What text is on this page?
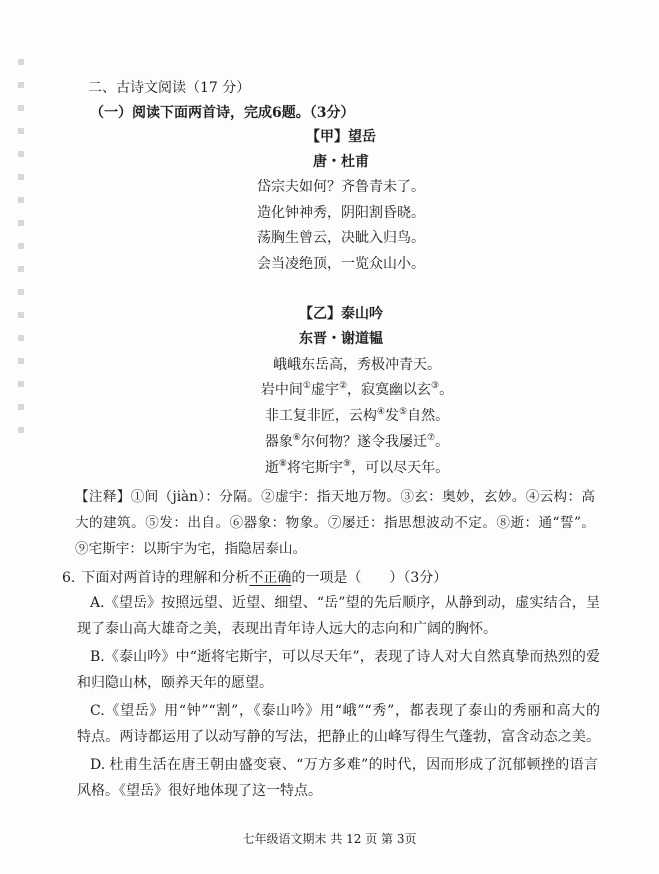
二、古诗文阅读（17 分）
（一）阅读下面两首诗，完成6题。（3分）
【甲】望岳
唐・杜甫
岱宗夫如何？齐鲁青未了。
造化钟神秀，阴阳割昏晓。
荡胸生曾云，决眦入归鸟。
会当凌绝顶，一览众山小。
【乙】泰山吟
东晋・谢道韫
峨峨东岳高，秀极冲青天。
岩中间①虚宇②，寂寞幽以玄③。
非工复非匠，云构④发⑤自然。
器象⑥尔何物？遂令我屡迁⑦。
逝⑧将宅斯宇⑨，可以尽天年。
【注释】①间（jiàn）：分隔。②虚宇：指天地万物。③玄：奥妙，玄妙。④云构：高
大的建筑。⑤发：出自。⑥器象：物象。⑦屡迁：指思想波动不定。⑧逝：通“誓”。
⑨宅斯宇：以斯宇为宅，指隐居泰山。
6. 下面对两首诗的理解和分析不正确的一项是（　　）（3分）
A.《望岳》按照远望、近望、细望、“岳”望的先后顺序，从静到动，虚实结合，呈
现了泰山高大雄奇之美，表现出青年诗人远大的志向和广阔的胸怀。
B.《泰山吟》中“逝将宅斯宇，可以尽天年”，表现了诗人对大自然真挚而热烈的爱
和归隐山林，颐养天年的愿望。
C.《望岳》用“钟”“割”，《泰山吟》用“峨”“秀”，都表现了泰山的秀丽和高大的
特点。两诗都运用了以动写静的写法，把静止的山峰写得生气蓬勃，富含动态之美。
D. 杜甫生活在唐王朝由盛变衰、“万方多难”的时代，因而形成了沉郁顿挫的语言
风格。《望岳》很好地体现了这一特点。
七年级语文期末 共 12 页 第 3页
